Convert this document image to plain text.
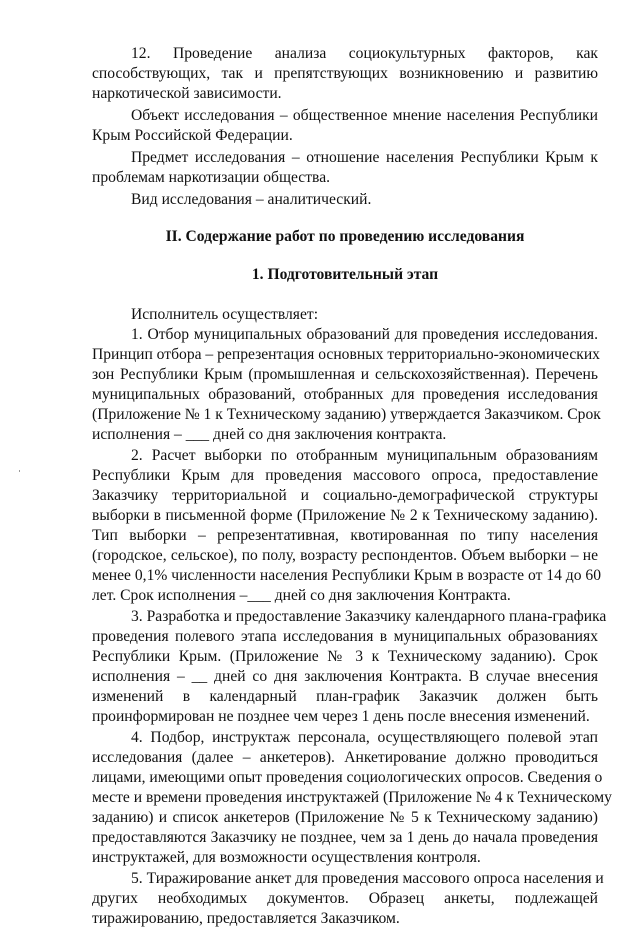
12. Проведение анализа социокультурных факторов, как
способствующих, так и препятствующих возникновению и развитию
наркотической зависимости.
Объект исследования – общественное мнение населения Республики
Крым Российской Федерации.
Предмет исследования – отношение населения Республики Крым к
проблемам наркотизации общества.
Вид исследования – аналитический.
II. Содержание работ по проведению исследования
1. Подготовительный этап
Исполнитель осуществляет:
1. Отбор муниципальных образований для проведения исследования.
Принцип отбора – репрезентация основных территориально-экономических
зон Республики Крым (промышленная и сельскохозяйственная). Перечень
муниципальных образований, отобранных для проведения исследования
(Приложение № 1 к Техническому заданию) утверждается Заказчиком. Срок
исполнения – ___ дней со дня заключения контракта.
2. Расчет выборки по отобранным муниципальным образованиям
Республики Крым для проведения массового опроса, предоставление
Заказчику территориальной и социально-демографической структуры
выборки в письменной форме (Приложение № 2 к Техническому заданию).
Тип выборки – репрезентативная, квотированная по типу населения
(городское, сельское), по полу, возрасту респондентов. Объем выборки – не
менее 0,1% численности населения Республики Крым в возрасте от 14 до 60
лет. Срок исполнения –___ дней со дня заключения Контракта.
3. Разработка и предоставление Заказчику календарного плана-графика
проведения полевого этапа исследования в муниципальных образованиях
Республики Крым. (Приложение № 3 к Техническому заданию). Срок
исполнения – __ дней со дня заключения Контракта. В случае внесения
изменений в календарный план-график Заказчик должен быть
проинформирован не позднее чем через 1 день после внесения изменений.
4. Подбор, инструктаж персонала, осуществляющего полевой этап
исследования (далее – анкетеров). Анкетирование должно проводиться
лицами, имеющими опыт проведения социологических опросов. Сведения о
месте и времени проведения инструктажей (Приложение № 4 к Техническому
заданию) и список анкетеров (Приложение № 5 к Техническому заданию)
предоставляются Заказчику не позднее, чем за 1 день до начала проведения
инструктажей, для возможности осуществления контроля.
5. Тиражирование анкет для проведения массового опроса населения и
других необходимых документов. Образец анкеты, подлежащей
тиражированию, предоставляется Заказчиком.
